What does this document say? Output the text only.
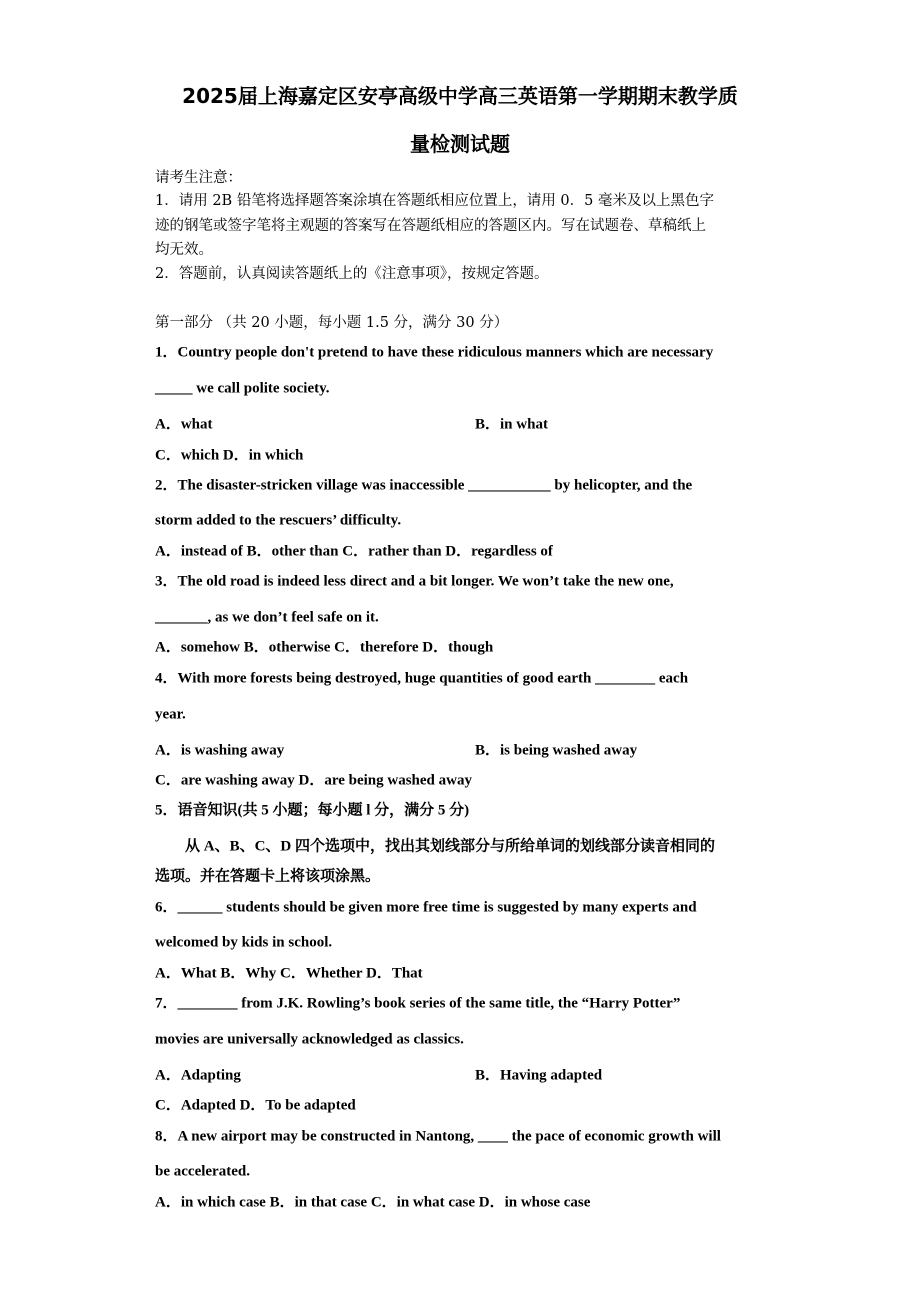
2025届上海嘉定区安亭高级中学高三英语第一学期期末教学质
量检测试题
请考生注意：
1．请用 2B 铅笔将选择题答案涂填在答题纸相应位置上，请用 0．5 毫米及以上黑色字
迹的钢笔或签字笔将主观题的答案写在答题纸相应的答题区内。写在试题卷、草稿纸上
均无效。
2．答题前，认真阅读答题纸上的《注意事项》，按规定答题。
第一部分 （共 20 小题，每小题 1.5 分，满分 30 分）
1．Country people don't pretend to have these ridiculous manners which are necessary
_____ we call polite society.
A．what	B．in what
C．which D．in which
2．The disaster-stricken village was inaccessible ___________ by helicopter, and the
storm added to the rescuers’ difficulty.
A．instead of B．other than C．rather than D．regardless of
3．The old road is indeed less direct and a bit longer. We won’t take the new one,
_______, as we don’t feel safe on it.
A．somehow B．otherwise C．therefore D．though
4．With more forests being destroyed, huge quantities of good earth ________ each
year.
A．is washing away	B．is being washed away
C．are washing away D．are being washed away
5．语音知识(共 5 小题；每小题 l 分，满分 5 分)
从 A、B、C、D 四个选项中，找出其划线部分与所给单词的划线部分读音相同的
选项。并在答题卡上将该项涂黑。
6．______ students should be given more free time is suggested by many experts and
welcomed by kids in school.
A．What B．Why C．Whether D．That
7．________ from J.K. Rowling’s book series of the same title, the “Harry Potter”
movies are universally acknowledged as classics.
A．Adapting	B．Having adapted
C．Adapted D．To be adapted
8．A new airport may be constructed in Nantong, ____ the pace of economic growth will
be accelerated.
A．in which case B．in that case C．in what case D．in whose case
